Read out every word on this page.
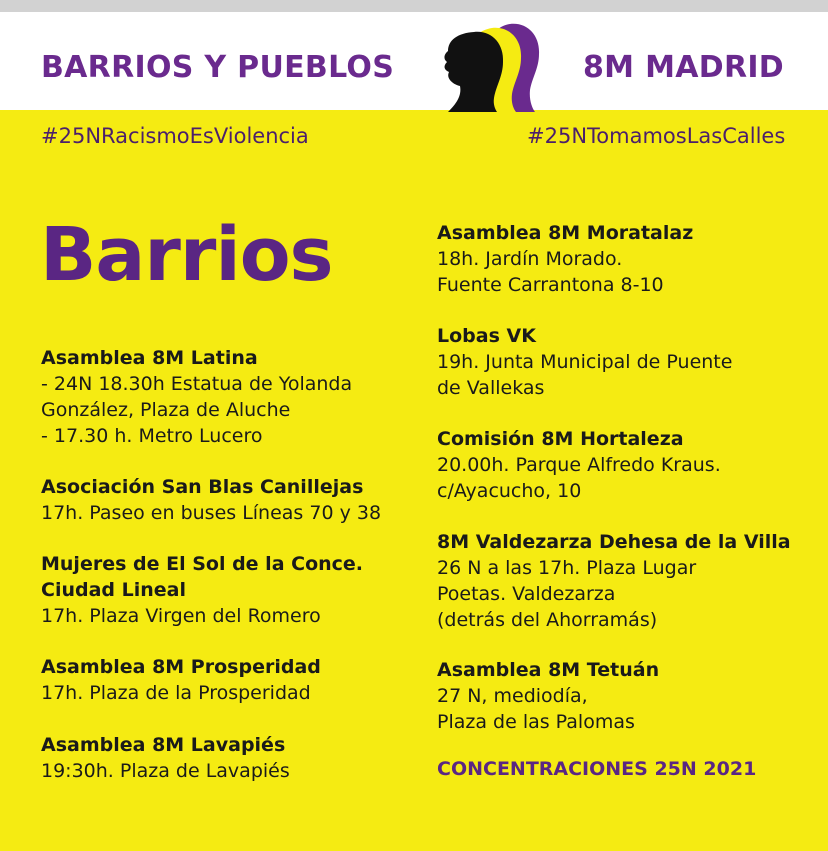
BARRIOS Y PUEBLOS	8M MADRID
#25NRacismoEsViolencia	#25NTomamosLasCalles
Barrios
Asamblea 8M Latina
- 24N 18.30h Estatua de Yolanda
González, Plaza de Aluche
- 17.30 h. Metro Lucero
Asociación San Blas Canillejas
17h. Paseo en buses Líneas 70 y 38
Mujeres de El Sol de la Conce.
Ciudad Lineal
17h. Plaza Virgen del Romero
Asamblea 8M Prosperidad
17h. Plaza de la Prosperidad
Asamblea 8M Lavapiés
19:30h. Plaza de Lavapiés
Asamblea 8M Moratalaz
18h. Jardín Morado.
Fuente Carrantona 8-10
Lobas VK
19h. Junta Municipal de Puente
de Vallekas
Comisión 8M Hortaleza
20.00h. Parque Alfredo Kraus.
c/Ayacucho, 10
8M Valdezarza Dehesa de la Villa
26 N a las 17h. Plaza Lugar
Poetas. Valdezarza
(detrás del Ahorramás)
Asamblea 8M Tetuán
27 N, mediodía,
Plaza de las Palomas
CONCENTRACIONES 25N 2021
